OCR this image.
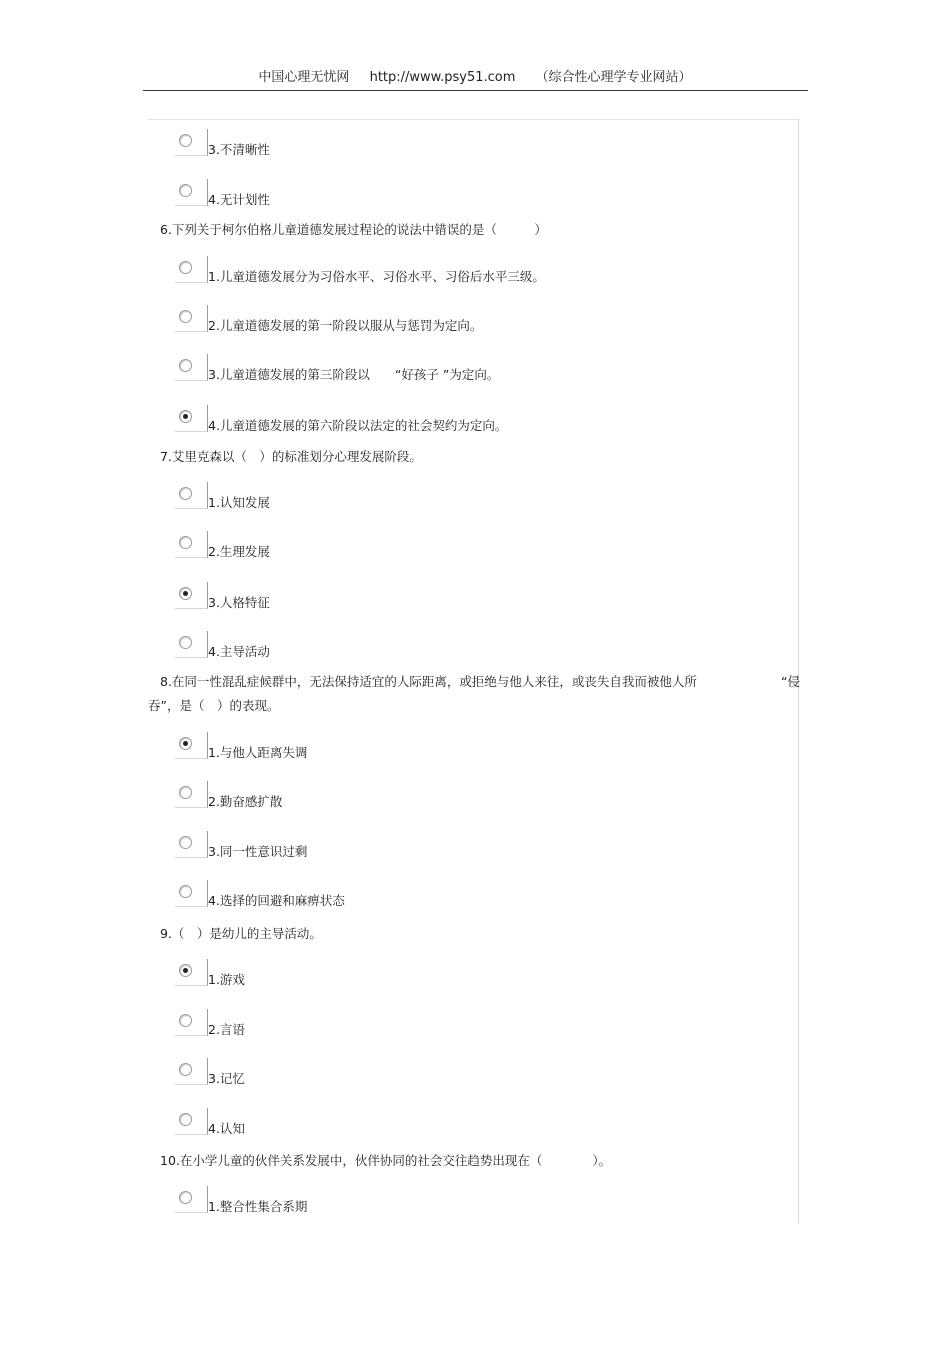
中国心理无忧网 http://www.psy51.com （综合性心理学专业网站）
3.不清晰性
4.无计划性
6.下列关于柯尔伯格儿童道德发展过程论的说法中错误的是（　　　）
1.儿童道德发展分为习俗水平、习俗水平、习俗后水平三级。
2.儿童道德发展的第一阶段以服从与惩罚为定向。
3.儿童道德发展的第三阶段以　　“好孩子 ”为定向。
4.儿童道德发展的第六阶段以法定的社会契约为定向。
7.艾里克森以（　）的标准划分心理发展阶段。
1.认知发展
2.生理发展
3.人格特征
4.主导活动
8.在同一性混乱症候群中，无法保持适宜的人际距离，或拒绝与他人来往，或丧失自我而被他人所	“侵
吞”，是（　）的表现。
1.与他人距离失调
2.勤奋感扩散
3.同一性意识过剩
4.选择的回避和麻痹状态
9.（　）是幼儿的主导活动。
1.游戏
2.言语
3.记忆
4.认知
10.在小学儿童的伙伴关系发展中，伙伴协同的社会交往趋势出现在（　　　　）。
1.整合性集合系期
